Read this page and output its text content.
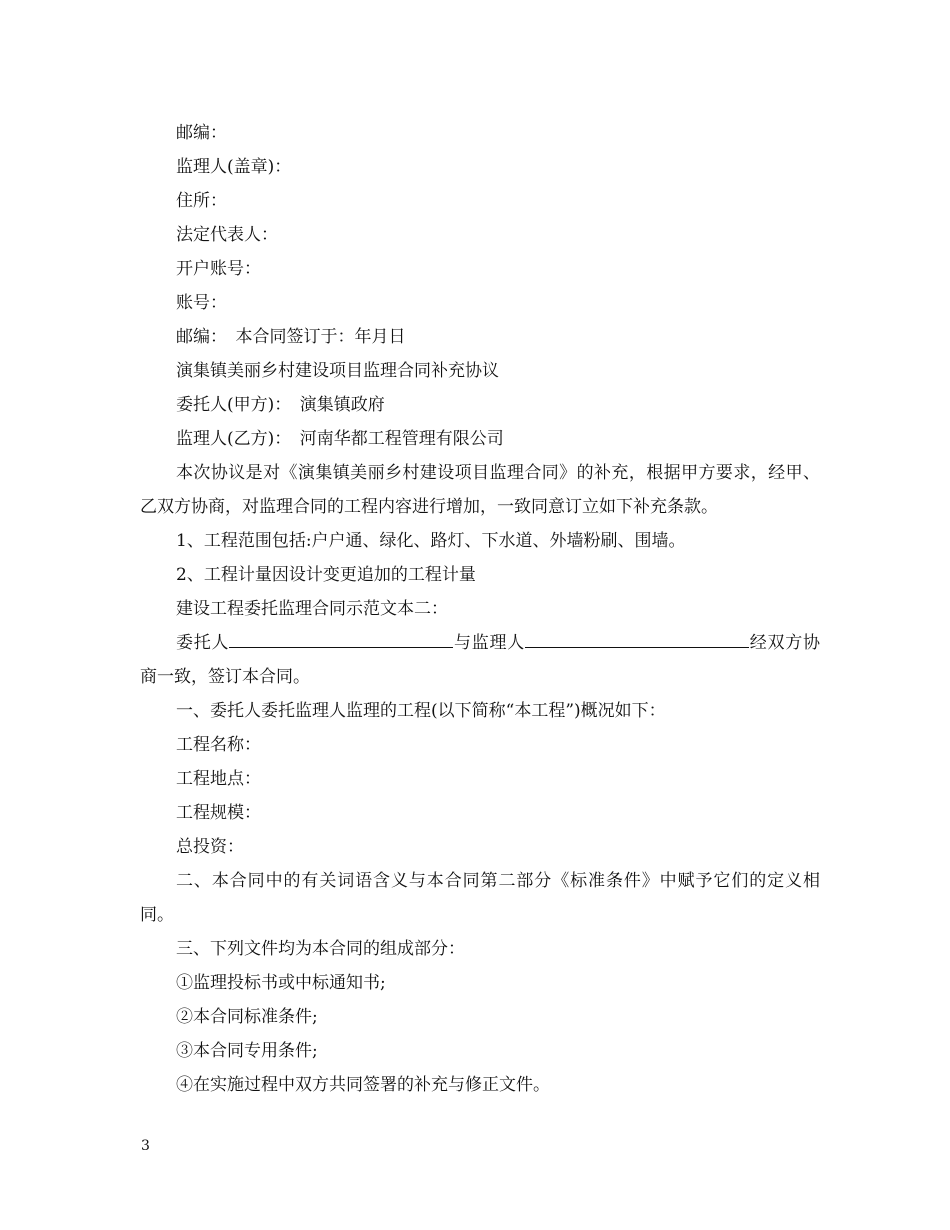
邮编：

监理人(盖章)：

住所：

法定代表人：

开户账号：

账号：

邮编：　本合同签订于：年月日

演集镇美丽乡村建设项目监理合同补充协议

委托人(甲方)：　演集镇政府

监理人(乙方)：　河南华都工程管理有限公司

本次协议是对《演集镇美丽乡村建设项目监理合同》的补充，根据甲方要求，经甲、乙双方协商，对监理合同的工程内容进行增加，一致同意订立如下补充条款。

1、工程范围包括:户户通、绿化、路灯、下水道、外墙粉刷、围墙。

2、工程计量因设计变更追加的工程计量

建设工程委托监理合同示范文本二：

委托人	与监理人	经双方协商一致，签订本合同。

一、委托人委托监理人监理的工程(以下简称“本工程”)概况如下：

工程名称：

工程地点：

工程规模：

总投资：

二、本合同中的有关词语含义与本合同第二部分《标准条件》中赋予它们的定义相同。

三、下列文件均为本合同的组成部分：

①监理投标书或中标通知书;

②本合同标准条件;

③本合同专用条件;

④在实施过程中双方共同签署的补充与修正文件。

3
